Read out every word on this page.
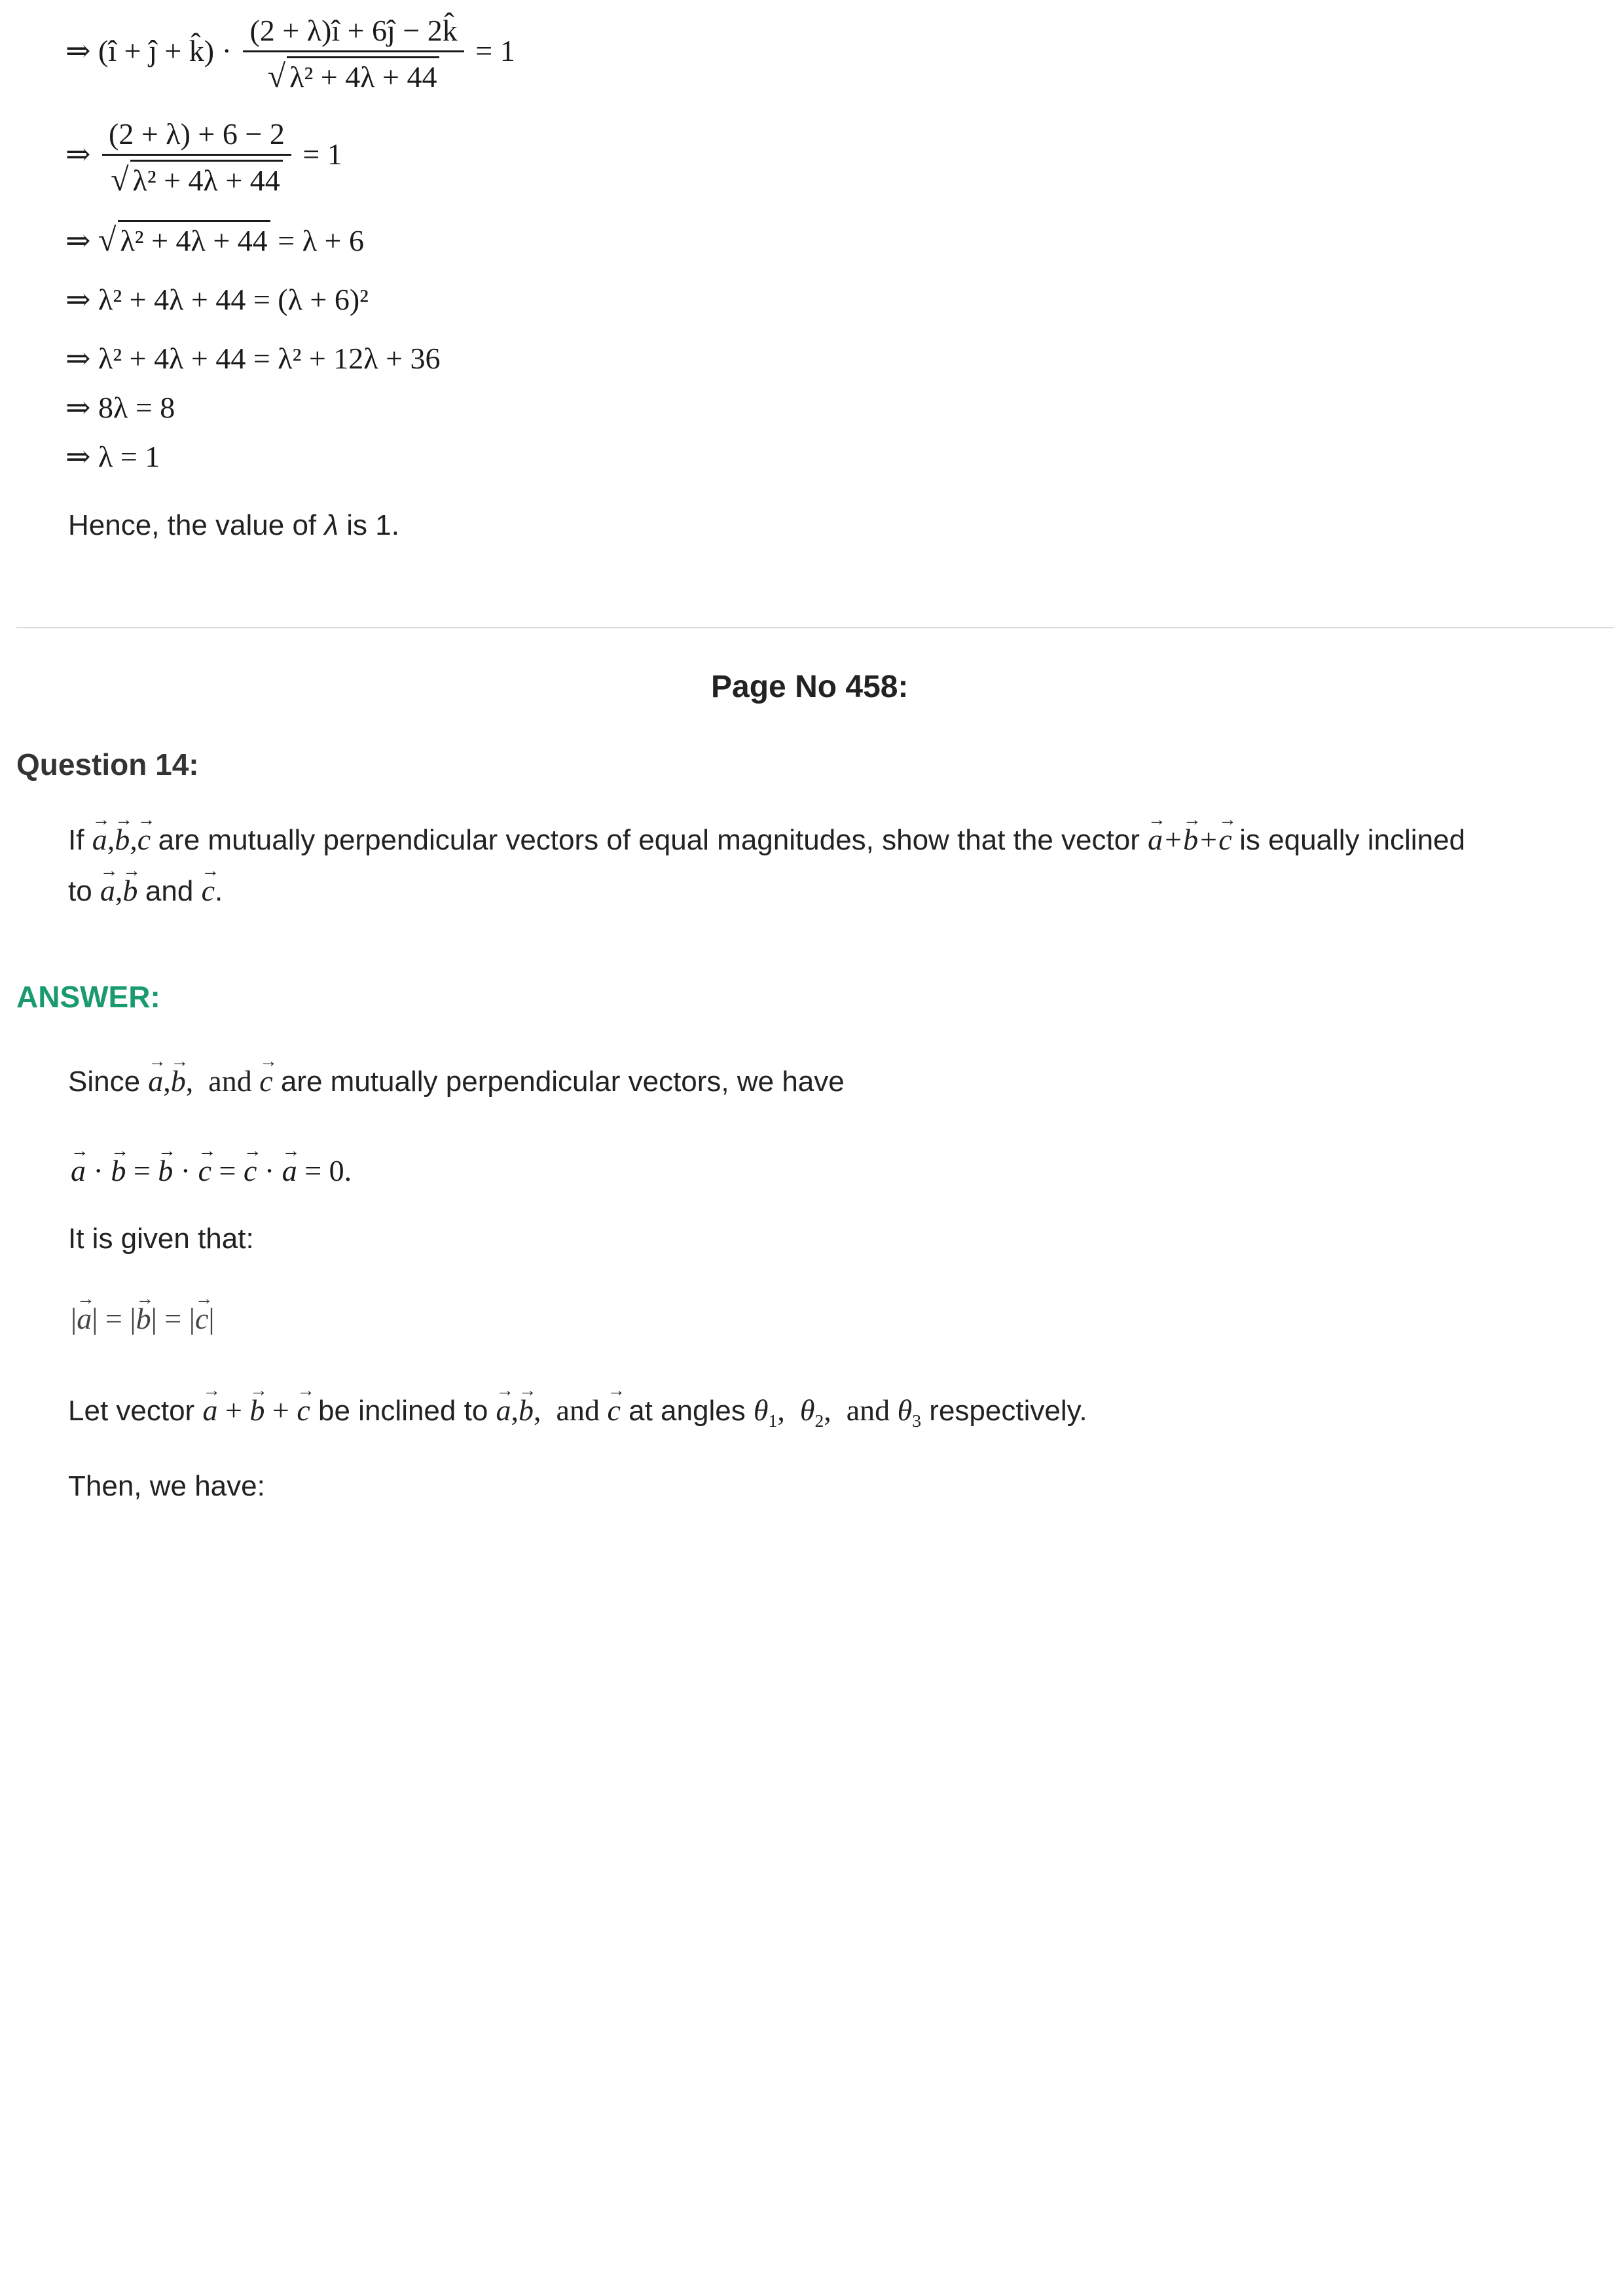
⇒ (î + ĵ + k̂) · $\frac{(2 + \lambda)î + 6ĵ - 2k̂}{\text{√ λ² + 4λ + 44}} = 1$
⇒ $\frac{(2 + \lambda) + 6 - 2}{\text{√ λ² + 4λ + 44}} = 1$
⇒ √ λ² + 4λ + 44 = λ + 6
⇒ λ² + 4λ + 44 = (λ + 6)²
⇒ λ² + 4λ + 44 = λ² + 12λ + 36
⇒ 8λ = 8
⇒ λ = 1
Hence, the value of λ is 1.
Page No 458:
Question 14:
If → a,→ b,→ c are mutually perpendicular vectors of equal magnitudes, show that the vector → a+→ b+→ c is equally inclined
to → a,→ b and → c.
ANSWER:
Since → a,→ b,  and → c are mutually perpendicular vectors, we have
→ a · → b = → b · → c = → c · → a = 0.
It is given that:
|→ a| = |→ b| = |→ c|
Let vector → a + → b + → c be inclined to → a,→ b,  and → c at angles $\theta_1$,  $\theta_2$,  and $\theta_3$ respectively.
Then, we have:
